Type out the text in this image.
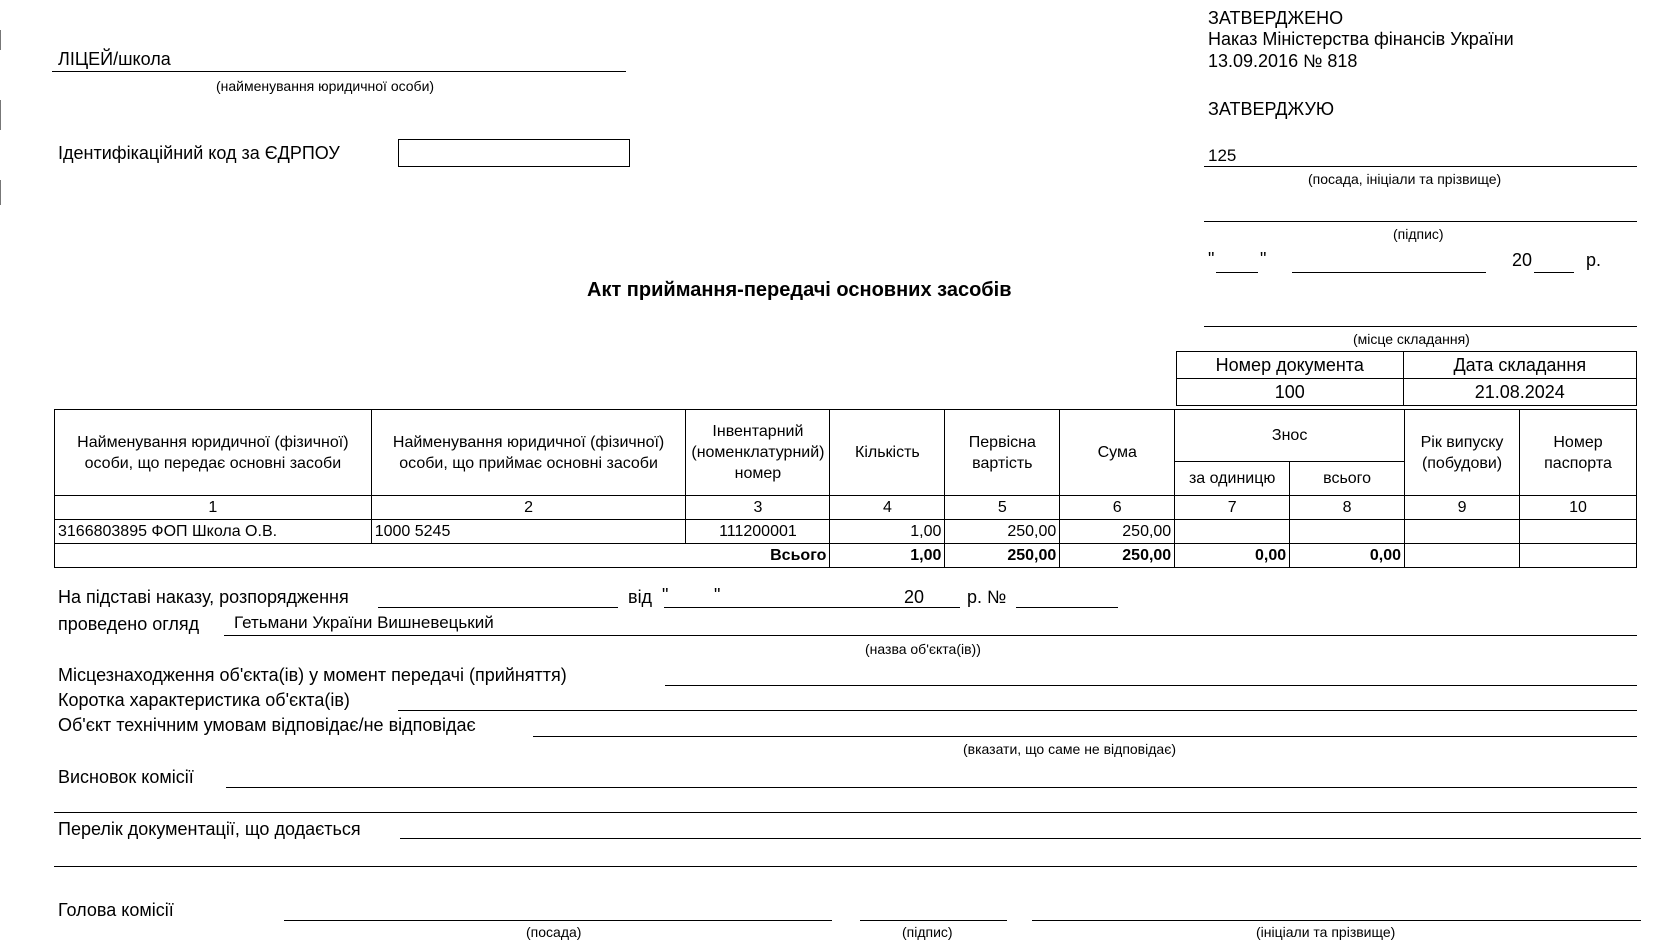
ЛІЦЕЙ/школа
(найменування юридичної особи)
Ідентифікаційний код за ЄДРПОУ
ЗАТВЕРДЖЕНО
Наказ Міністерства фінансів України
13.09.2016 № 818
ЗАТВЕРДЖУЮ
125
(посада, ініціали та прізвище)
(підпис)
"	"	20	р.
Акт приймання-передачі основних засобів
(місце складання)
Номер документа	Дата складання
100	21.08.2024
Найменування юридичної (фізичної) особи, що передає основні засоби	Найменування юридичної (фізичної) особи, що приймає основні засоби	Інвентарний (номенклатурний) номер	Кількість	Первісна вартість	Сума	Знос		Рік випуску (побудови)	Номер паспорта
						за одиницю	всього		
1	2	3	4	5	6	7	8	9	10
3166803895 ФОП Школа О.В.	1000 5245	111200001	1,00	250,00	250,00				
Всього			1,00	250,00	250,00	0,00	0,00		
На підставі наказу, розпорядження	від "	"	20 р. №
проведено огляд Гетьмани України Вишневецький
(назва об'єкта(ів))
Місцезнаходження об'єкта(ів) у момент передачі (прийняття)
Коротка характеристика об'єкта(ів)
Об'єкт технічним умовам відповідає/не відповідає
(вказати, що саме не відповідає)
Висновок комісії
Перелік документації, що додається
Голова комісії
(посада)	(підпис)	(ініціали та прізвище)
